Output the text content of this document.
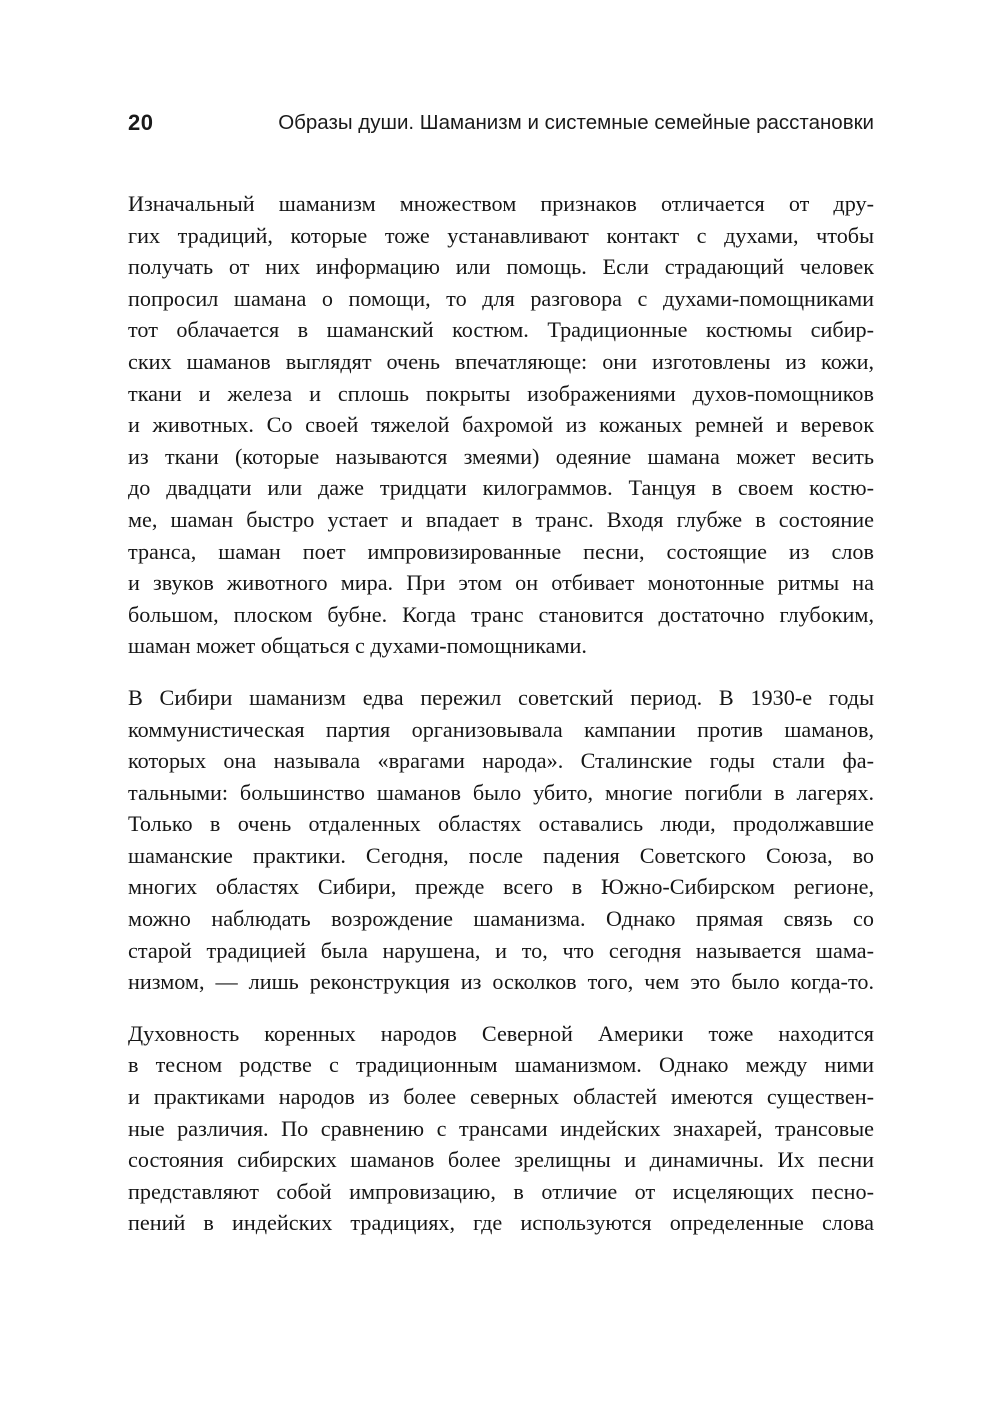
20	Образы души. Шаманизм и системные семейные расстановки
Изначальный шаманизм множеством признаков отличается от дру-
гих традиций, которые тоже устанавливают контакт с духами, чтобы
получать от них информацию или помощь. Если страдающий человек
попросил шамана о помощи, то для разговора с духами-помощниками
тот облачается в шаманский костюм. Традиционные костюмы сибир-
ских шаманов выглядят очень впечатляюще: они изготовлены из кожи,
ткани и железа и сплошь покрыты изображениями духов-помощников
и животных. Со своей тяжелой бахромой из кожаных ремней и веревок
из ткани (которые называются змеями) одеяние шамана может весить
до двадцати или даже тридцати килограммов. Танцуя в своем костю-
ме, шаман быстро устает и впадает в транс. Входя глубже в состояние
транса, шаман поет импровизированные песни, состоящие из слов
и звуков животного мира. При этом он отбивает монотонные ритмы на
большом, плоском бубне. Когда транс становится достаточно глубоким,
шаман может общаться с духами-помощниками.
В Сибири шаманизм едва пережил советский период. В 1930-е годы
коммунистическая партия организовывала кампании против шаманов,
которых она называла «врагами народа». Сталинские годы стали фа-
тальными: большинство шаманов было убито, многие погибли в лагерях.
Только в очень отдаленных областях оставались люди, продолжавшие
шаманские практики. Сегодня, после падения Советского Союза, во
многих областях Сибири, прежде всего в Южно-Сибирском регионе,
можно наблюдать возрождение шаманизма. Однако прямая связь со
старой традицией была нарушена, и то, что сегодня называется шама-
низмом, — лишь реконструкция из осколков того, чем это было когда-то.
Духовность коренных народов Северной Америки тоже находится
в тесном родстве с традиционным шаманизмом. Однако между ними
и практиками народов из более северных областей имеются существен-
ные различия. По сравнению с трансами индейских знахарей, трансовые
состояния сибирских шаманов более зрелищны и динамичны. Их песни
представляют собой импровизацию, в отличие от исцеляющих песно-
пений в индейских традициях, где используются определенные слова
